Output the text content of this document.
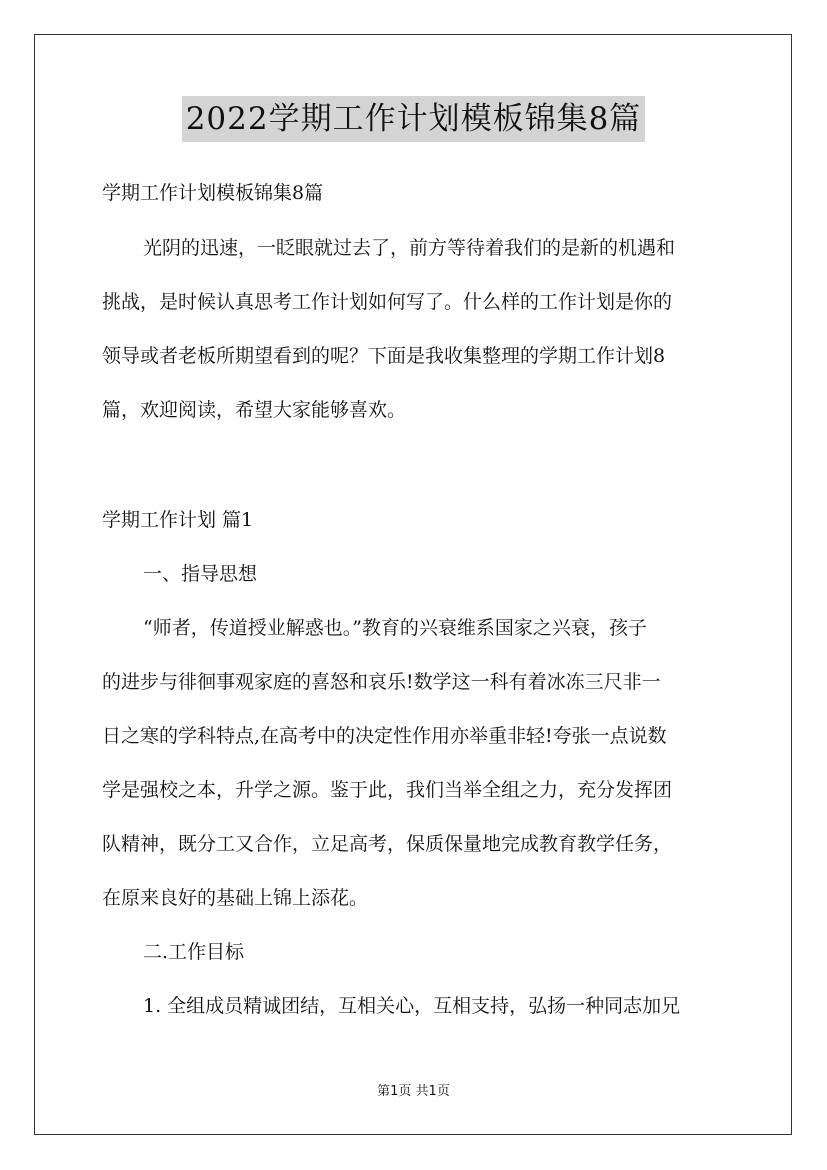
2022学期工作计划模板锦集8篇
学期工作计划模板锦集8篇
光阴的迅速，一眨眼就过去了，前方等待着我们的是新的机遇和
挑战，是时候认真思考工作计划如何写了。什么样的工作计划是你的
领导或者老板所期望看到的呢？下面是我收集整理的学期工作计划8
篇，欢迎阅读，希望大家能够喜欢。
学期工作计划 篇1
一、指导思想
“师者，传道授业解惑也。”教育的兴衰维系国家之兴衰，孩子
的进步与徘徊事观家庭的喜怒和哀乐!数学这一科有着冰冻三尺非一
日之寒的学科特点,在高考中的决定性作用亦举重非轻!夸张一点说数
学是强校之本，升学之源。鉴于此，我们当举全组之力，充分发挥团
队精神，既分工又合作，立足高考，保质保量地完成教育教学任务，
在原来良好的基础上锦上添花。
二.工作目标
1. 全组成员精诚团结，互相关心，互相支持，弘扬一种同志加兄
第1页 共1页
